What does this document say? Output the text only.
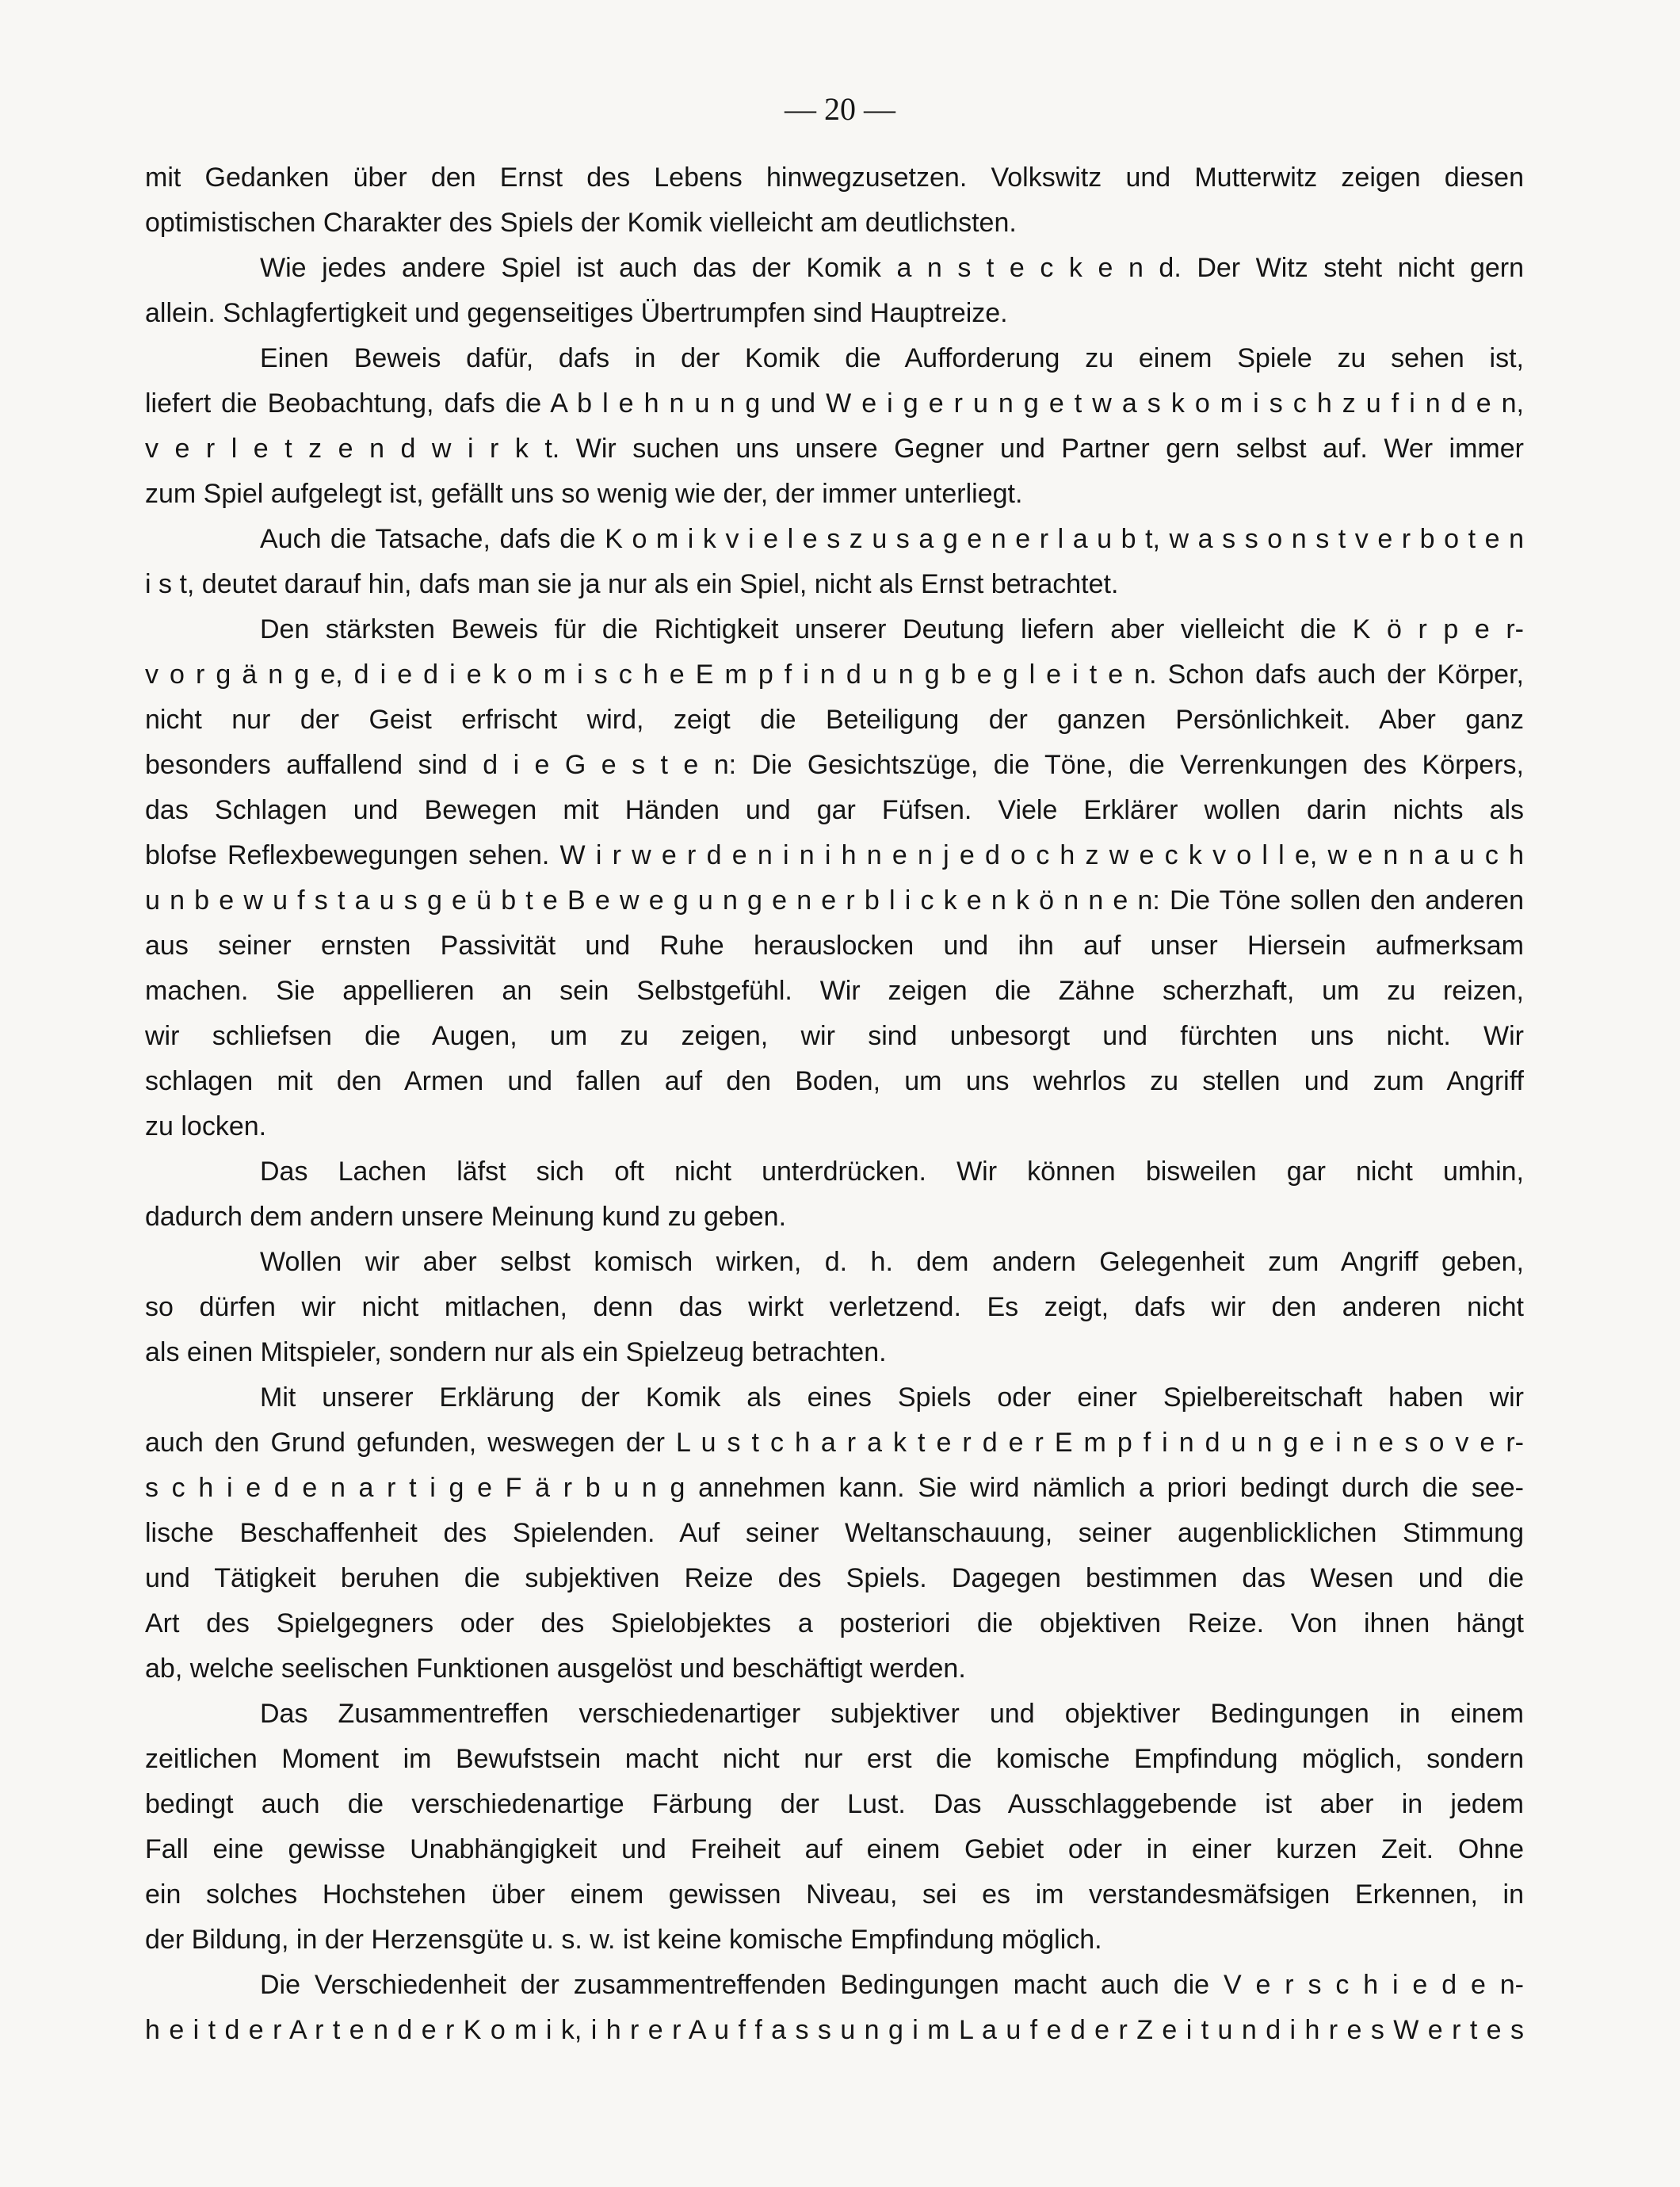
— 20 —
mit Gedanken über den Ernst des Lebens hinwegzusetzen. Volkswitz und Mutterwitz zeigen diesen
optimistischen Charakter des Spiels der Komik vielleicht am deutlichsten.
Wie jedes andere Spiel ist auch das der Komik a n s t e c k e n d. Der Witz steht nicht gern
allein. Schlagfertigkeit und gegenseitiges Übertrumpfen sind Hauptreize.
Einen Beweis dafür, dafs in der Komik die Aufforderung zu einem Spiele zu sehen ist,
liefert die Beobachtung, dafs die A b l e h n u n g und W e i g e r u n g e t w a s k o m i s c h z u f i n d e n,
v e r l e t z e n d w i r k t. Wir suchen uns unsere Gegner und Partner gern selbst auf. Wer immer
zum Spiel aufgelegt ist, gefällt uns so wenig wie der, der immer unterliegt.
Auch die Tatsache, dafs die K o m i k v i e l e s z u s a g e n e r l a u b t, w a s s o n s t v e r b o t e n
i s t, deutet darauf hin, dafs man sie ja nur als ein Spiel, nicht als Ernst betrachtet.
Den stärksten Beweis für die Richtigkeit unserer Deutung liefern aber vielleicht die K ö r p e r-
v o r g ä n g e, d i e d i e k o m i s c h e E m p f i n d u n g b e g l e i t e n. Schon dafs auch der Körper,
nicht nur der Geist erfrischt wird, zeigt die Beteiligung der ganzen Persönlichkeit. Aber ganz
besonders auffallend sind d i e G e s t e n: Die Gesichtszüge, die Töne, die Verrenkungen des Körpers,
das Schlagen und Bewegen mit Händen und gar Füfsen. Viele Erklärer wollen darin nichts als
blofse Reflexbewegungen sehen. W i r w e r d e n i n i h n e n j e d o c h z w e c k v o l l e, w e n n a u c h
u n b e w u f s t a u s g e ü b t e B e w e g u n g e n e r b l i c k e n k ö n n e n: Die Töne sollen den anderen
aus seiner ernsten Passivität und Ruhe herauslocken und ihn auf unser Hiersein aufmerksam
machen. Sie appellieren an sein Selbstgefühl. Wir zeigen die Zähne scherzhaft, um zu reizen,
wir schliefsen die Augen, um zu zeigen, wir sind unbesorgt und fürchten uns nicht. Wir
schlagen mit den Armen und fallen auf den Boden, um uns wehrlos zu stellen und zum Angriff
zu locken.
Das Lachen läfst sich oft nicht unterdrücken. Wir können bisweilen gar nicht umhin,
dadurch dem andern unsere Meinung kund zu geben.
Wollen wir aber selbst komisch wirken, d. h. dem andern Gelegenheit zum Angriff geben,
so dürfen wir nicht mitlachen, denn das wirkt verletzend. Es zeigt, dafs wir den anderen nicht
als einen Mitspieler, sondern nur als ein Spielzeug betrachten.
Mit unserer Erklärung der Komik als eines Spiels oder einer Spielbereitschaft haben wir
auch den Grund gefunden, weswegen der L u s t c h a r a k t e r d e r E m p f i n d u n g e i n e s o v e r-
s c h i e d e n a r t i g e F ä r b u n g annehmen kann. Sie wird nämlich a priori bedingt durch die see-
lische Beschaffenheit des Spielenden. Auf seiner Weltanschauung, seiner augenblicklichen Stimmung
und Tätigkeit beruhen die subjektiven Reize des Spiels. Dagegen bestimmen das Wesen und die
Art des Spielgegners oder des Spielobjektes a posteriori die objektiven Reize. Von ihnen hängt
ab, welche seelischen Funktionen ausgelöst und beschäftigt werden.
Das Zusammentreffen verschiedenartiger subjektiver und objektiver Bedingungen in einem
zeitlichen Moment im Bewufstsein macht nicht nur erst die komische Empfindung möglich, sondern
bedingt auch die verschiedenartige Färbung der Lust. Das Ausschlaggebende ist aber in jedem
Fall eine gewisse Unabhängigkeit und Freiheit auf einem Gebiet oder in einer kurzen Zeit. Ohne
ein solches Hochstehen über einem gewissen Niveau, sei es im verstandesmäfsigen Erkennen, in
der Bildung, in der Herzensgüte u. s. w. ist keine komische Empfindung möglich.
Die Verschiedenheit der zusammentreffenden Bedingungen macht auch die V e r s c h i e d e n-
h e i t d e r A r t e n d e r K o m i k, i h r e r A u f f a s s u n g i m L a u f e d e r Z e i t u n d i h r e s W e r t e s
